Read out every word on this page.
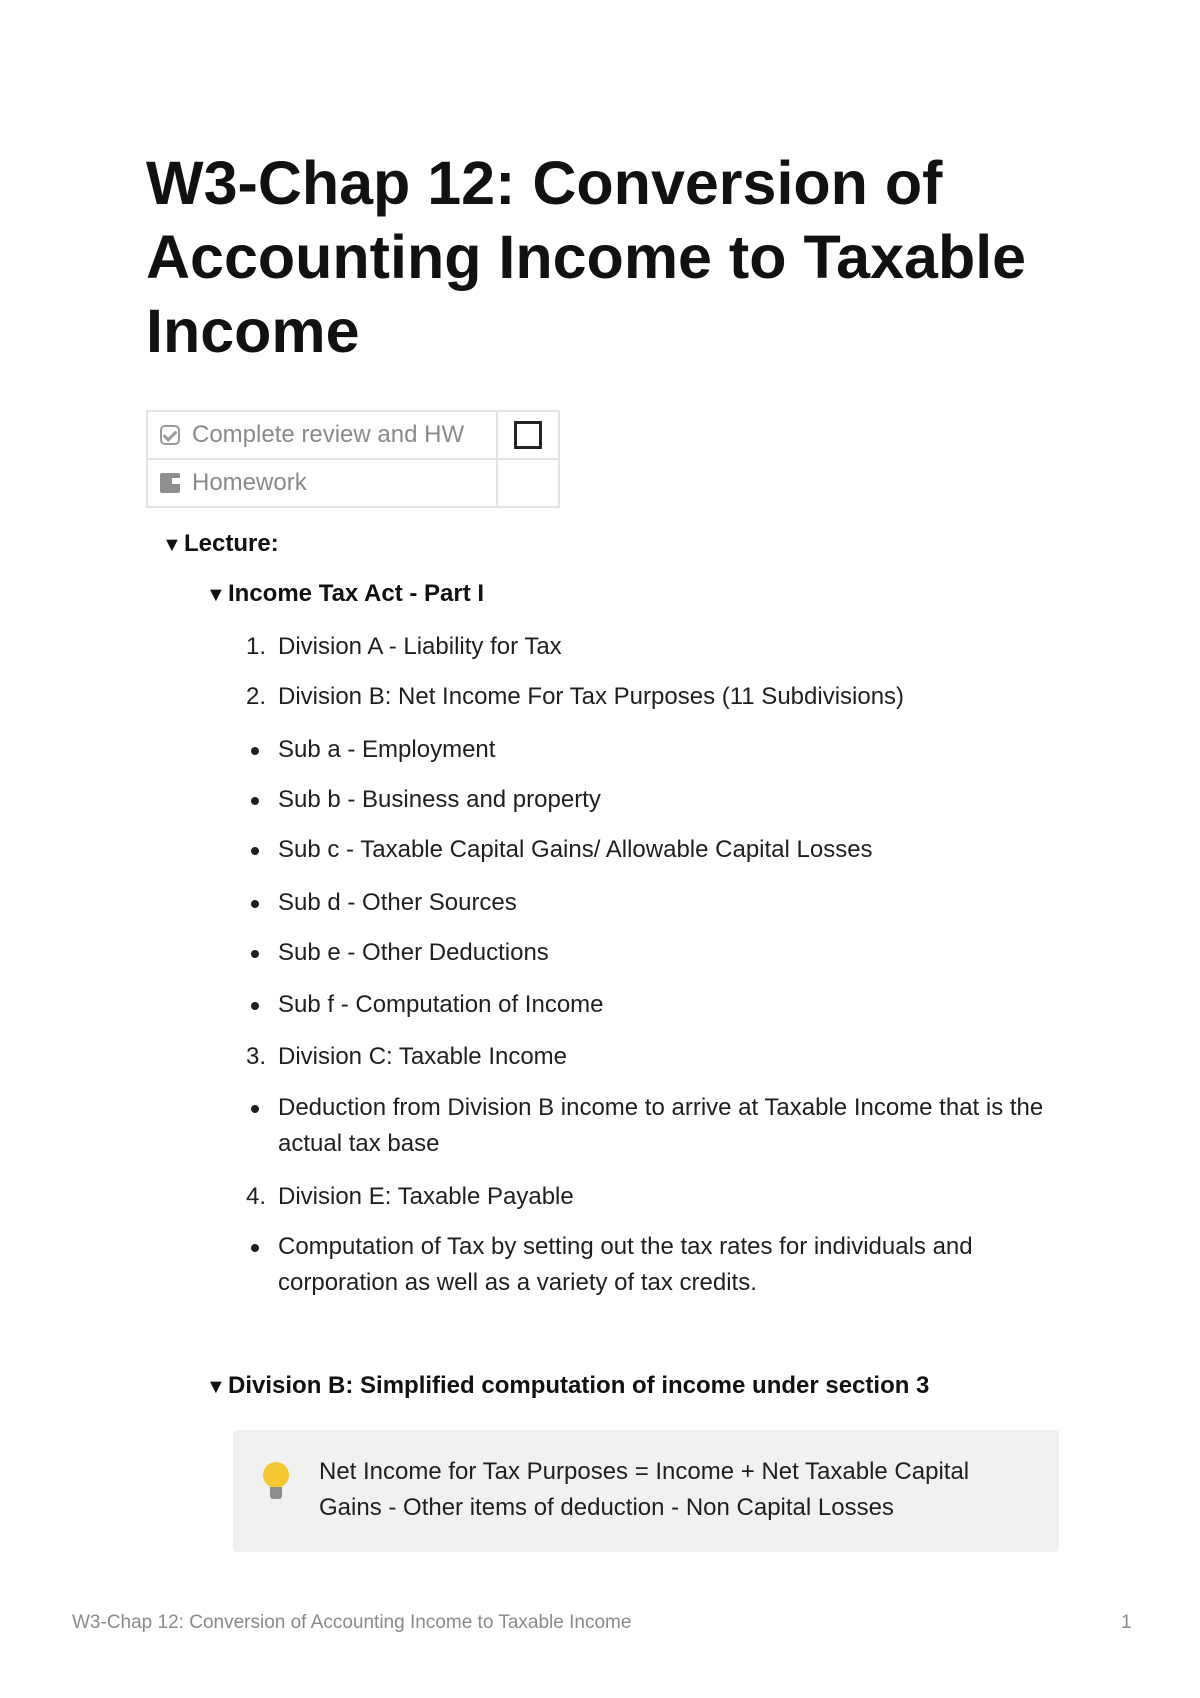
W3-Chap 12: Conversion of Accounting Income to Taxable Income
Complete review and HW	

Homework	

▼Lecture:
▼Income Tax Act - Part I
1. Division A - Liability for Tax
2. Division B: Net Income For Tax Purposes (11 Subdivisions)
Sub a - Employment
Sub b - Business and property
Sub c - Taxable Capital Gains/ Allowable Capital Losses
Sub d - Other Sources
Sub e - Other Deductions
Sub f - Computation of Income
3. Division C: Taxable Income
Deduction from Division B income to arrive at Taxable Income that is the actual tax base
4. Division E: Taxable Payable
Computation of Tax by setting out the tax rates for individuals and corporation as well as a variety of tax credits.
▼Division B: Simplified computation of income under section 3
Net Income for Tax Purposes = Income + Net Taxable Capital Gains - Other items of deduction - Non Capital Losses
W3-Chap 12: Conversion of Accounting Income to Taxable Income	1
